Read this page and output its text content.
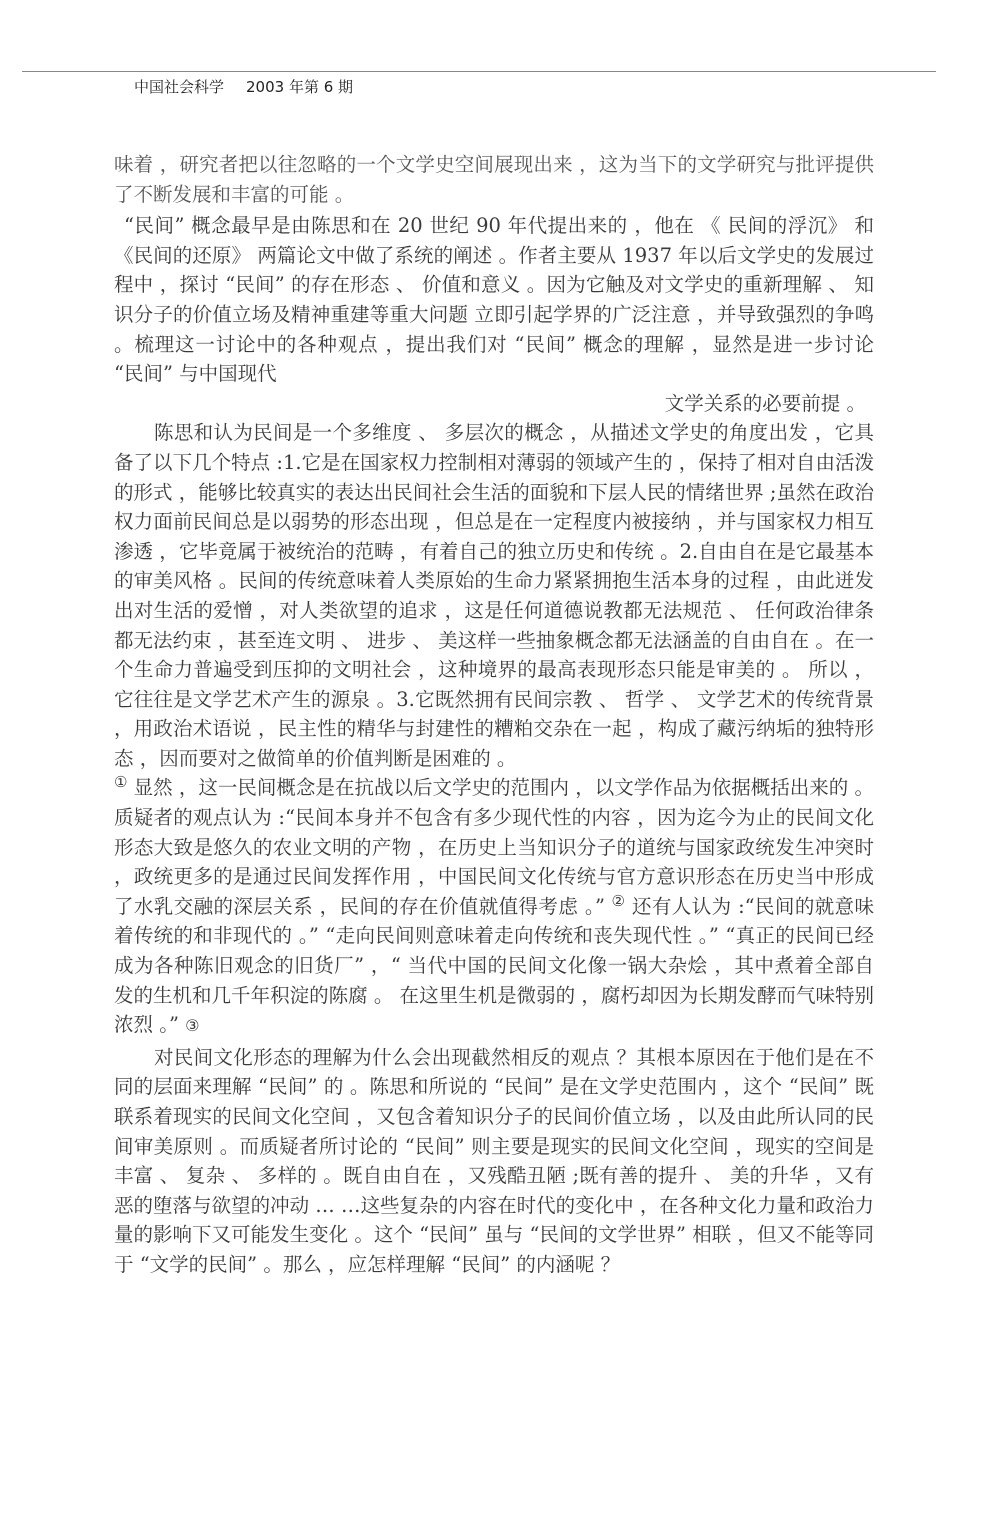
中国社会科学 2003 年第 6 期

味着 ，研究者把以往忽略的一个文学史空间展现出来 ，这为当下的文学研究与批评提供了不断发展和丰富的可能 。

“民间” 概念最早是由陈思和在 20 世纪 90 年代提出来的 ，他在 《 民间的浮沉》 和 《民间的还原》 两篇论文中做了系统的阐述 。作者主要从 1937 年以后文学史的发展过程中 ，探讨 “民间” 的存在形态 、 价值和意义 。因为它触及对文学史的重新理解 、 知识分子的价值立场及精神重建等重大问题 立即引起学界的广泛注意 ，并导致强烈的争鸣 。梳理这一讨论中的各种观点 ，提出我们对 “民间” 概念的理解 ，显然是进一步讨论 “民间” 与中国现代

文学关系的必要前提 。

陈思和认为民间是一个多维度 、 多层次的概念 ，从描述文学史的角度出发 ，它具备了以下几个特点 :1.它是在国家权力控制相对薄弱的领域产生的 ，保持了相对自由活泼的形式 ，能够比较真实的表达出民间社会生活的面貌和下层人民的情绪世界 ;虽然在政治权力面前民间总是以弱势的形态出现 ，但总是在一定程度内被接纳 ，并与国家权力相互渗透 ，它毕竟属于被统治的范畴 ，有着自己的独立历史和传统 。2.自由自在是它最基本的审美风格 。民间的传统意味着人类原始的生命力紧紧拥抱生活本身的过程 ，由此迸发出对生活的爱憎 ，对人类欲望的追求 ，这是任何道德说教都无法规范 、 任何政治律条都无法约束 ，甚至连文明 、 进步 、 美这样一些抽象概念都无法涵盖的自由自在 。在一个生命力普遍受到压抑的文明社会 ，这种境界的最高表现形态只能是审美的 。 所以 ，它往往是文学艺术产生的源泉 。3.它既然拥有民间宗教 、 哲学 、 文学艺术的传统背景 ，用政治术语说 ，民主性的精华与封建性的糟粕交杂在一起 ，构成了藏污纳垢的独特形态 ，因而要对之做简单的价值判断是困难的 。
① 显然 ，这一民间概念是在抗战以后文学史的范围内 ，以文学作品为依据概括出来的 。 质疑者的观点认为 :“民间本身并不包含有多少现代性的内容 ，因为迄今为止的民间文化形态大致是悠久的农业文明的产物 ，在历史上当知识分子的道统与国家政统发生冲突时 ，政统更多的是通过民间发挥作用 ，中国民间文化传统与官方意识形态在历史当中形成了水乳交融的深层关系 ，民间的存在价值就值得考虑 。” ② 还有人认为 :“民间的就意味着传统的和非现代的 。” “走向民间则意味着走向传统和丧失现代性 。” “真正的民间已经成为各种陈旧观念的旧货厂” ，“ 当代中国的民间文化像一锅大杂烩 ，其中煮着全部自发的生机和几千年积淀的陈腐 。 在这里生机是微弱的 ，腐朽却因为长期发酵而气味特别浓烈 。” ③

对民间文化形态的理解为什么会出现截然相反的观点 ？其根本原因在于他们是在不同的层面来理解 “民间” 的 。陈思和所说的 “民间” 是在文学史范围内 ，这个 “民间” 既联系着现实的民间文化空间 ，又包含着知识分子的民间价值立场 ，以及由此所认同的民间审美原则 。而质疑者所讨论的 “民间” 则主要是现实的民间文化空间 ，现实的空间是丰富 、 复杂 、 多样的 。既自由自在 ，又残酷丑陋 ;既有善的提升 、 美的升华 ，又有恶的堕落与欲望的冲动 … …这些复杂的内容在时代的变化中 ，在各种文化力量和政治力量的影响下又可能发生变化 。这个 “民间” 虽与 “民间的文学世界” 相联 ，但又不能等同于 “文学的民间” 。那么 ，应怎样理解 “民间” 的内涵呢 ？
